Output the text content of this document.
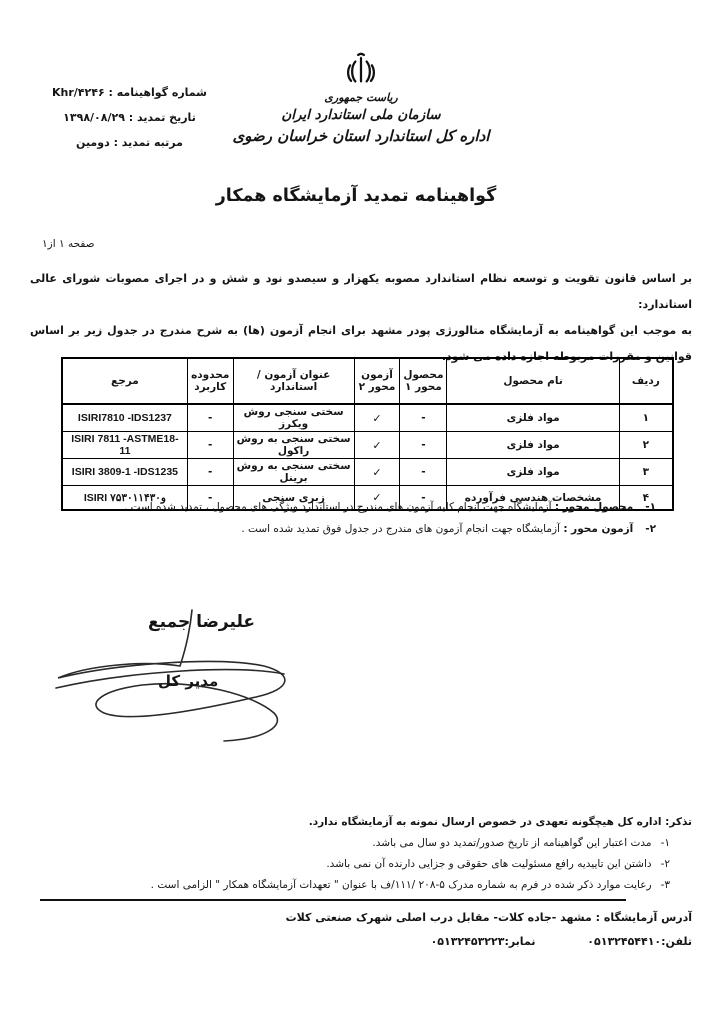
شماره گواهینامه : Khr/۴۲۴۶
تاریخ تمدید : ۱۳۹۸/۰۸/۲۹
مرتبه تمدید : دومین
ریاست جمهوری
سازمان ملی استاندارد ایران
اداره کل استاندارد استان خراسان رضوی
گواهینامه تمدید آزمایشگاه همکار
صفحه ۱ از۱

بر اساس قانون تقویت و توسعه نظام استاندارد مصوبه یکهزار و سیصدو نود و شش و در اجرای مصوبات شورای عالی استاندارد:

به موجب این گواهینامه به آزمایشگاه متالورژی پودر مشهد برای انجام آزمون (ها) به شرح مندرج در جدول زیر بر اساس قوانین و مقررات مربوطه اجازه داده می شود.

ردیف	نام محصول	محصول محور ۱	آزمون محور ۲	عنوان آزمون / استاندارد	محدوده کاربرد	مرجع
۱	مواد فلزی	-	✓	سختی سنجی روش ویکرز	-	ISIRI7810 -IDS1237
۲	مواد فلزی	-	✓	سختی سنجی به روش راکول	-	ISIRI 7811 -ASTME18-11
۳	مواد فلزی	-	✓	سختی سنجی به روش برینل	-	ISIRI 3809-1 -IDS1235
۴	مشخصات هندسی فرآورده	-	✓	زبری سنجی	-	ISIRI ۷۵۳۰و۱۱۴۳۰
۱-محصول محور : آزمایشگاه جهت انجام کلیه آزمون های مندرج در استاندارد ویژگی های محصول ، تمدید شده است .
۲-آزمون محور : آزمایشگاه جهت انجام آزمون های مندرج در جدول فوق تمدید شده است .
علیرضا جمیع
مدیر کل
تذکر: اداره کل هیچگونه تعهدی در خصوص ارسال نمونه به آزمایشگاه ندارد.
۱-مدت اعتبار این گواهینامه از تاریخ صدور/تمدید دو سال می باشد.
۲-داشتن این تاییدیه رافع مسئولیت های حقوقی و جزایی دارنده آن نمی باشد.
۳-رعایت موارد ذکر شده در فرم به شماره مدرک ۵-۲۰۸ /۱۱۱/ف با عنوان " تعهدات آزمایشگاه همکار " الزامی است .
آدرس آزمایشگاه : مشهد -جاده کلات- مقابل درب اصلی شهرک صنعتی کلات
تلفن:۰۵۱۳۲۴۵۴۴۱۰ نمابر:۰۵۱۳۲۴۵۳۲۲۳
